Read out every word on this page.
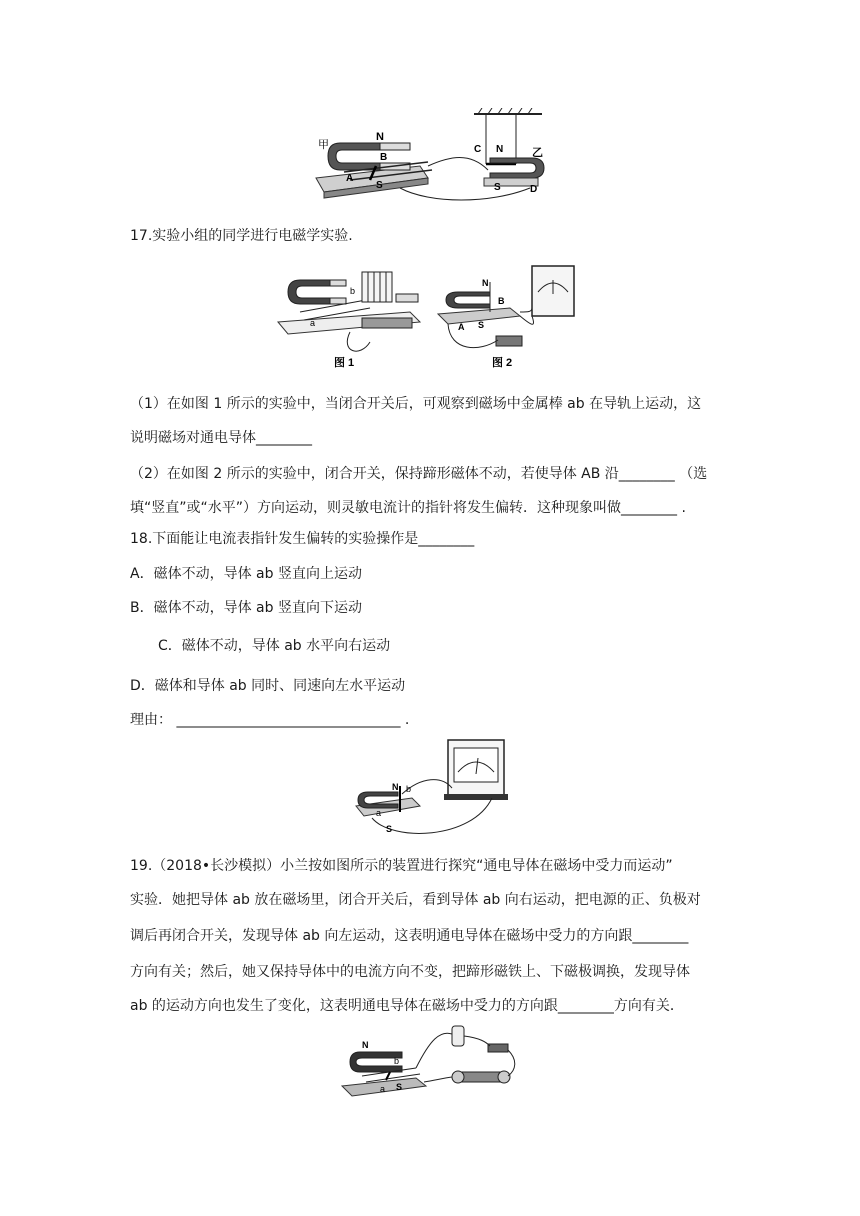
甲
N
B
A
S
C N	乙
S	D
17.实验小组的同学进行电磁学实验.
图 1	图 2
N
B
A S
a
b
（1）在如图 1 所示的实验中，当闭合开关后，可观察到磁场中金属棒 ab 在导轨上运动，这
说明磁场对通电导体________
（2）在如图 2 所示的实验中，闭合开关，保持蹄形磁体不动，若使导体 AB 沿________ （选
填“竖直”或“水平”）方向运动，则灵敏电流计的指针将发生偏转．这种现象叫做________ .
18.下面能让电流表指针发生偏转的实验操作是________
A．磁体不动，导体 ab 竖直向上运动
B．磁体不动，导体 ab 竖直向下运动
C．磁体不动，导体 ab 水平向右运动
D．磁体和导体 ab 同时、同速向左水平运动
理由： ________________________________ .
N b
a
S
19.（2018•长沙模拟）小兰按如图所示的装置进行探究“通电导体在磁场中受力而运动”
实验．她把导体 ab 放在磁场里，闭合开关后，看到导体 ab 向右运动，把电源的正、负极对
调后再闭合开关，发现导体 ab 向左运动，这表明通电导体在磁场中受力的方向跟________
方向有关；然后，她又保持导体中的电流方向不变，把蹄形磁铁上、下磁极调换，发现导体
ab 的运动方向也发生了变化，这表明通电导体在磁场中受力的方向跟________方向有关．
N
b
a S
